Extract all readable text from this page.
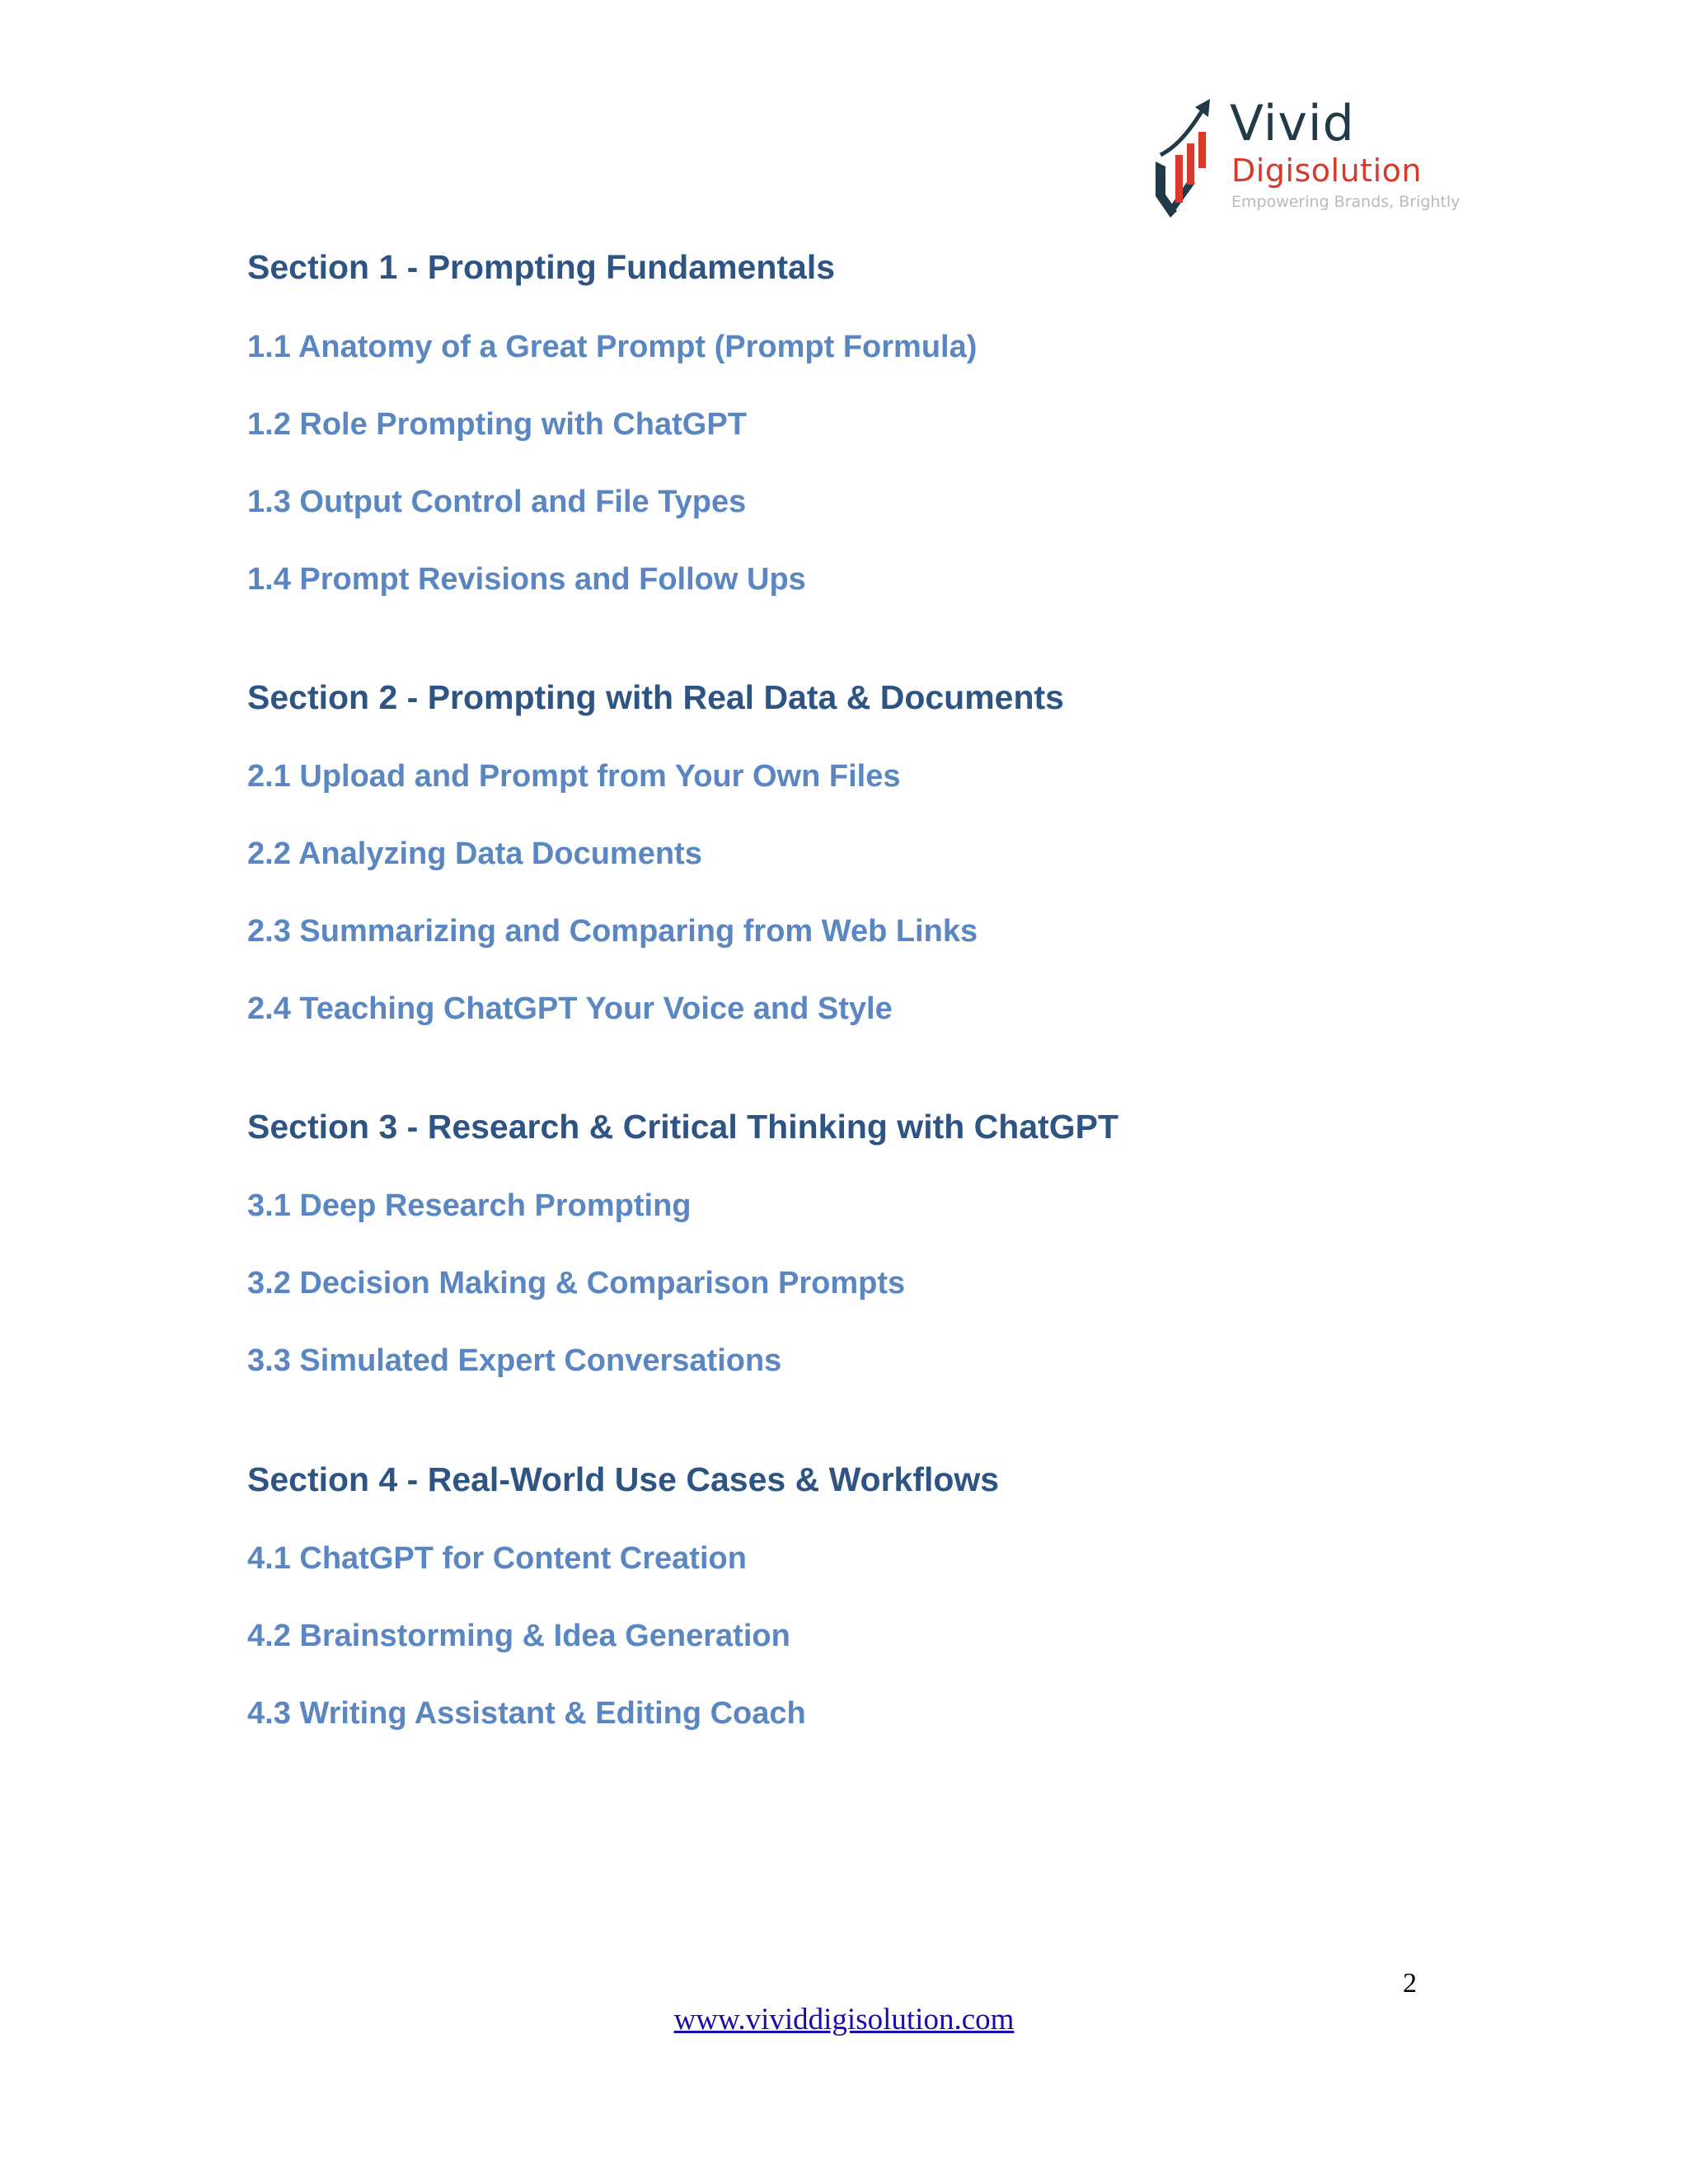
Vivid
Digisolution
Empowering Brands, Brightly
Section 1 - Prompting Fundamentals
1.1 Anatomy of a Great Prompt (Prompt Formula)
1.2 Role Prompting with ChatGPT
1.3 Output Control and File Types
1.4 Prompt Revisions and Follow Ups
Section 2 - Prompting with Real Data & Documents
2.1 Upload and Prompt from Your Own Files
2.2 Analyzing Data Documents
2.3 Summarizing and Comparing from Web Links
2.4 Teaching ChatGPT Your Voice and Style
Section 3 - Research & Critical Thinking with ChatGPT
3.1 Deep Research Prompting
3.2 Decision Making & Comparison Prompts
3.3 Simulated Expert Conversations
Section 4 - Real-World Use Cases & Workflows
4.1 ChatGPT for Content Creation
4.2 Brainstorming & Idea Generation
4.3 Writing Assistant & Editing Coach
2
www.vividdigisolution.com
